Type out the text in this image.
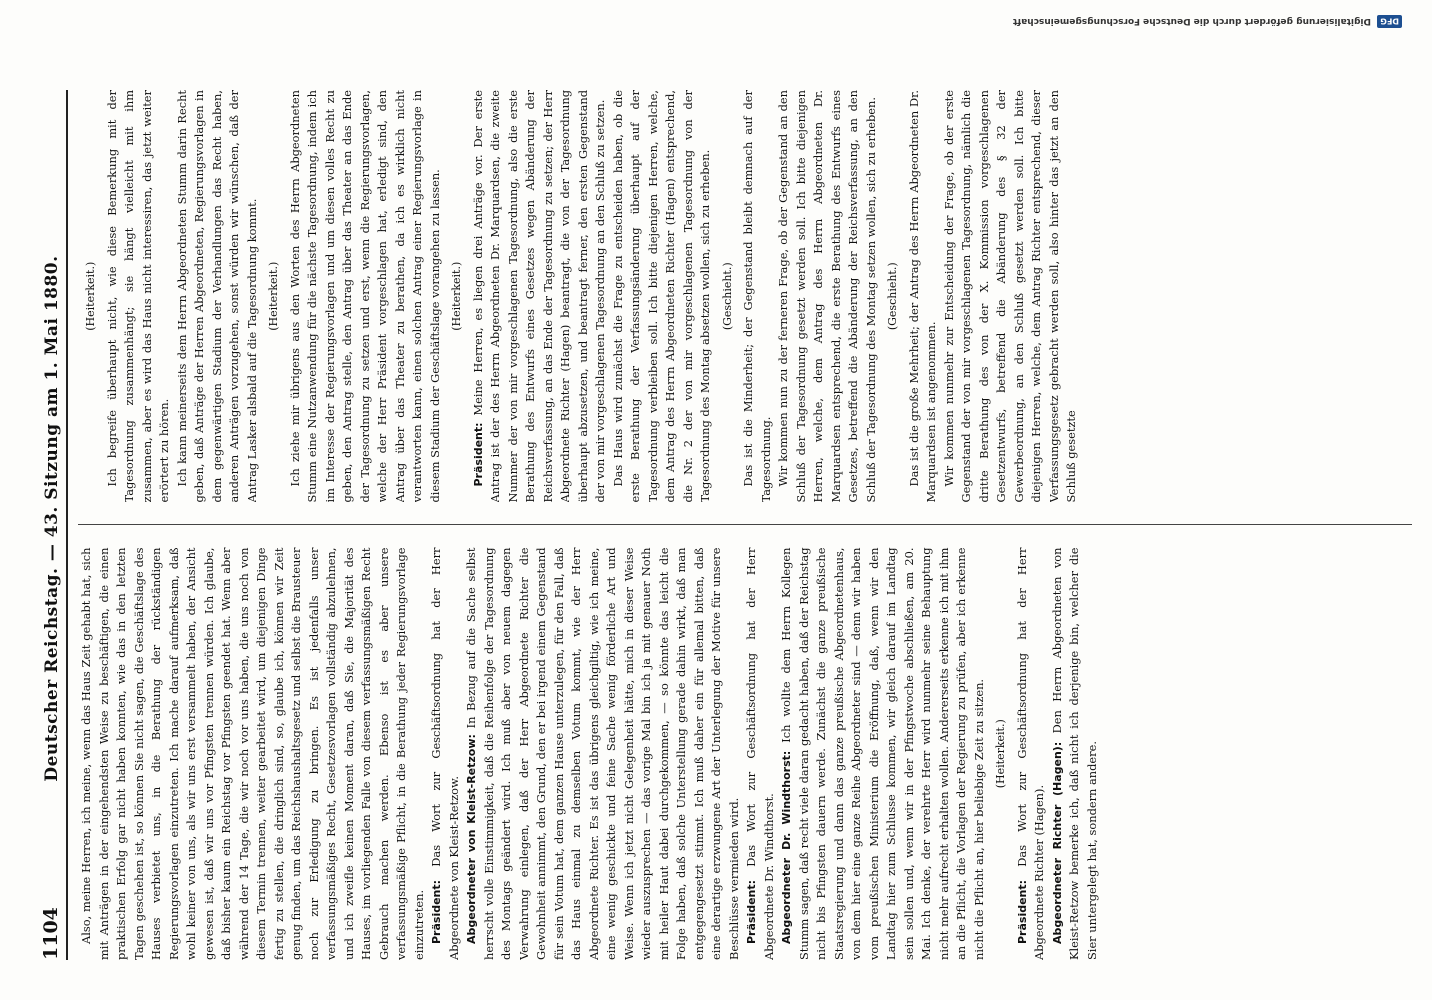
1104
Deutscher Reichstag. — 43. Sitzung am 1. Mai 1880. Also, meine Herren, ich meine, wenn das Haus Zeit gehabt hat, sich mit Anträgen in der eingehendsten Weise zu beschäftigen, die einen praktischen Erfolg gar nicht haben konnten, wie das in den letzten Tagen geschehen ist, so können Sie nicht sagen, die Geschäftslage des Hauses verbietet uns, in die Berathung der rückständigen Regierungsvorlagen einzutreten. Ich mache darauf aufmerksam, daß wohl keiner von uns, als wir uns erst versammelt haben, der Ansicht gewesen ist, daß wir uns vor Pfingsten trennen würden. Ich glaube, daß bisher kaum ein Reichstag vor Pfingsten geendet hat. Wenn aber während der 14 Tage, die wir noch vor uns haben, die uns noch von diesem Termin trennen, weiter gearbeitet wird, um diejenigen Dinge fertig zu stellen, die dringlich sind, so, glaube ich, können wir Zeit genug finden, um das Reichshaushaltsgesetz und selbst die Brausteuer noch zur Erledigung zu bringen. Es ist jedenfalls unser verfassungsmäßiges Recht, Gesetzesvorlagen vollständig abzulehnen, und ich zweifle keinen Moment daran, daß Sie, die Majorität des Hauses, im vorliegenden Falle von diesem verfassungsmäßigen Recht Gebrauch machen werden. Ebenso ist es aber unsere verfassungsmäßige Pflicht, in die Berathung jeder Regierungsvorlage einzutreten. Präsident: Das Wort zur Geschäftsordnung hat der Herr Abgeordnete von Kleist-Retzow. Abgeordneter von Kleist-Retzow: In Bezug auf die Sache selbst herrscht volle Einstimmigkeit, daß die Reihenfolge der Tagesordnung des Montags geändert wird. Ich muß aber von neuem dagegen Verwahrung einlegen, daß der Herr Abgeordnete Richter die Gewohnheit annimmt, den Grund, den er bei irgend einem Gegenstand für sein Votum hat, dem ganzen Hause unterzulegen, für den Fall, daß das Haus einmal zu demselben Votum kommt, wie der Herr Abgeordnete Richter. Es ist das übrigens gleichgiltig, wie ich meine, eine wenig geschickte und feine Sache wenig förderliche Art und Weise. Wenn ich jetzt nicht Gelegenheit hätte, mich in dieser Weise wieder auszusprechen — das vorige Mal bin ich ja mit genauer Noth mit heiler Haut dabei durchgekommen, — so könnte das leicht die Folge haben, daß solche Unterstellung gerade dahin wirkt, daß man entgegengesetzt stimmt. Ich muß daher ein für allemal bitten, daß eine derartige erzwungene Art der Unterlegung der Motive für unsere Beschlüsse vermieden wird. Präsident: Das Wort zur Geschäftsordnung hat der Herr Abgeordnete Dr. Windthorst. Abgeordneter Dr. Windthorst: Ich wollte dem Herrn Kollegen Stumm sagen, daß recht viele daran gedacht haben, daß der Reichstag nicht bis Pfingsten dauern werde. Zunächst die ganze preußische Staatsregierung und dann das ganze preußische Abgeordnetenhaus, von dem hier eine ganze Reihe Abgeordneter sind — denn wir haben vom preußischen Ministerium die Eröffnung, daß, wenn wir den Landtag hier zum Schlusse kommen, wir gleich darauf im Landtag sein sollen und, wenn wir in der Pfingstwoche abschließen, am 20. Mai. Ich denke, der verehrte Herr wird nunmehr seine Behauptung nicht mehr aufrecht erhalten wollen. Andererseits erkenne ich mit ihm an die Pflicht, die Vorlagen der Regierung zu prüfen, aber ich erkenne nicht die Pflicht an, hier beliebige Zeit zu sitzen. (Heiterkeit.)

Präsident: Das Wort zur Geschäftsordnung hat der Herr Abgeordnete Richter (Hagen). Abgeordneter Richter (Hagen): Den Herrn Abgeordneten von Kleist-Retzow bemerke ich, daß nicht ich derjenige bin, welcher die Sier untergelegt hat, sondern andere.

(Heiterkeit.) Ich begreife überhaupt nicht, wie diese Bemerkung mit der Tagesordnung zusammenhängt; sie hängt vielleicht mit ihm zusammen, aber es wird das Haus nicht interessiren, das jetzt weiter erörtert zu hören. Ich kann meinerseits dem Herrn Abgeordneten Stumm darin Recht geben, daß Anträge der Herren Abgeordneten, Regierungsvorlagen in dem gegenwärtigen Stadium der Verhandlungen das Recht haben, anderen Anträgen vorzugehen, sonst würden wir wünschen, daß der Antrag Lasker alsbald auf die Tagesordnung kommt. (Heiterkeit.) Ich ziehe mir übrigens aus den Worten des Herrn Abgeordneten Stumm eine Nutzanwendung für die nächste Tagesordnung, indem ich im Interesse der Regierungsvorlagen und um diesen volles Recht zu geben, den Antrag stelle, den Antrag über das Theater an das Ende der Tagesordnung zu setzen und erst, wenn die Regierungsvorlagen, welche der Herr Präsident vorgeschlagen hat, erledigt sind, den Antrag über das Theater zu berathen, da ich es wirklich nicht verantworten kann, einen solchen Antrag einer Regierungsvorlage in diesem Stadium der Geschäftslage vorangehen zu lassen. (Heiterkeit.)

Präsident: Meine Herren, es liegen drei Anträge vor. Der erste Antrag ist der des Herrn Abgeordneten Dr. Marquardsen, die zweite Nummer der von mir vorgeschlagenen Tagesordnung, also die erste Berathung des Entwurfs eines Gesetzes wegen Abänderung der Reichsverfassung, an das Ende der Tagesordnung zu setzen; der Herr Abgeordnete Richter (Hagen) beantragt, die von der Tagesordnung überhaupt abzusetzen, und beantragt ferner, den ersten Gegenstand der von mir vorgeschlagenen Tagesordnung an den Schluß zu setzen. Das Haus wird zunächst die Frage zu entscheiden haben, ob die erste Berathung der Verfassungsänderung überhaupt auf der Tagesordnung verbleiben soll. Ich bitte diejenigen Herren, welche, dem Antrag des Herrn Abgeordneten Richter (Hagen) entsprechend, die Nr. 2 der von mir vorgeschlagenen Tagesordnung von der Tagesordnung des Montag absetzen wollen, sich zu erheben. (Geschieht.) Das ist die Minderheit; der Gegenstand bleibt demnach auf der Tagesordnung. Wir kommen nun zu der ferneren Frage, ob der Gegenstand an den Schluß der Tagesordnung gesetzt werden soll. Ich bitte diejenigen Herren, welche, dem Antrag des Herrn Abgeordneten Dr. Marquardsen entsprechend, die erste Berathung des Entwurfs eines Gesetzes, betreffend die Abänderung der Reichsverfassung, an den Schluß der Tagesordnung des Montag setzen wollen, sich zu erheben. (Geschieht.) Das ist die große Mehrheit; der Antrag des Herrn Abgeordneten Dr. Marquardsen ist angenommen. Wir kommen nunmehr zur Entscheidung der Frage, ob der erste Gegenstand der von mir vorgeschlagenen Tagesordnung, nämlich die dritte Berathung des von der X. Kommission vorgeschlagenen Gesetzentwurfs, betreffend die Abänderung des § 32 der Gewerbeordnung, an den Schluß gesetzt werden soll. Ich bitte diejenigen Herren, welche, dem Antrag Richter entsprechend, dieser Verfassungsgesetz gebracht werden soll, also hinter das jetzt an den Schluß gesetzte

DFG
Digitalisierung gefördert durch die Deutsche Forschungsgemeinschaft
